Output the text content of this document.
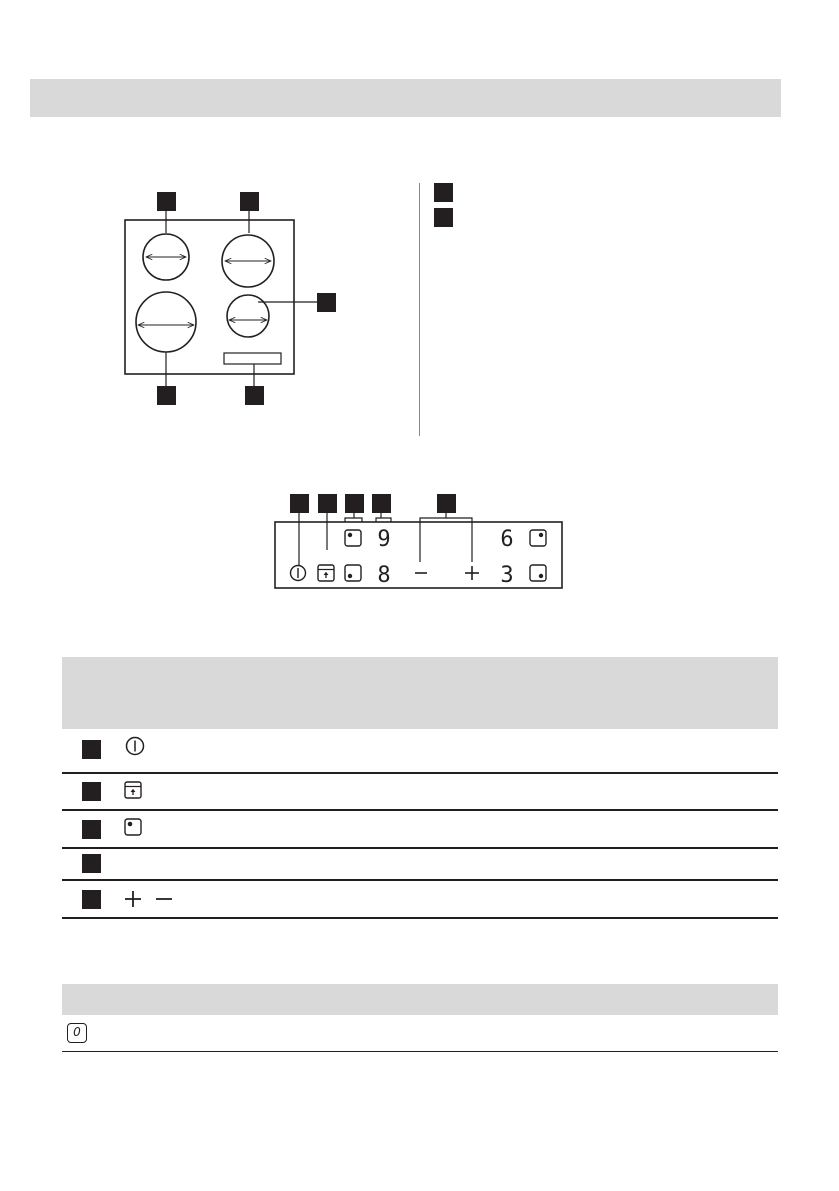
9
8
6
3
0
